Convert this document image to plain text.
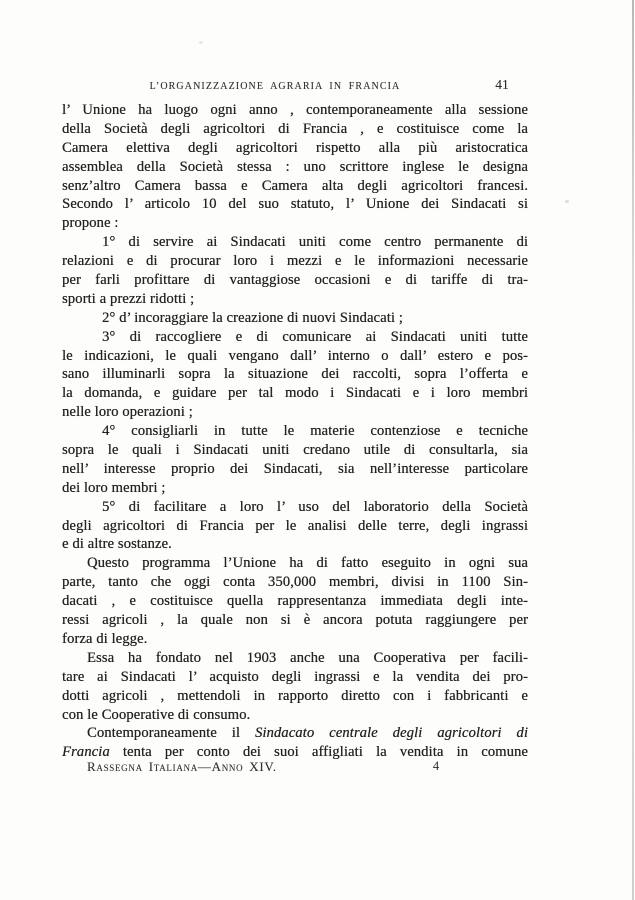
L’ORGANIZZAZIONE AGRARIA IN FRANCIA	41
l’ Unione ha luogo ogni anno , contemporaneamente alla sessione
della Società degli agricoltori di Francia , e costituisce come la
Camera elettiva degli agricoltori rispetto alla più aristocratica
assemblea della Società stessa : uno scrittore inglese le designa
senz’altro Camera bassa e Camera alta degli agricoltori francesi.
Secondo l’ articolo 10 del suo statuto, l’ Unione dei Sindacati si
propone :
1° di servire ai Sindacati uniti come centro permanente di
relazioni e di procurar loro i mezzi e le informazioni necessarie
per farli profittare di vantaggiose occasioni e di tariffe di tra-
sporti a prezzi ridotti ;
2° d’ incoraggiare la creazione di nuovi Sindacati ;
3° di raccogliere e di comunicare ai Sindacati uniti tutte
le indicazioni, le quali vengano dall’ interno o dall’ estero e pos-
sano illuminarli sopra la situazione dei raccolti, sopra l’offerta e
la domanda, e guidare per tal modo i Sindacati e i loro membri
nelle loro operazioni ;
4° consigliarli in tutte le materie contenziose e tecniche
sopra le quali i Sindacati uniti credano utile di consultarla, sia
nell’ interesse proprio dei Sindacati, sia nell’interesse particolare
dei loro membri ;
5° di facilitare a loro l’ uso del laboratorio della Società
degli agricoltori di Francia per le analisi delle terre, degli ingrassi
e di altre sostanze.
Questo programma l’Unione ha di fatto eseguito in ogni sua
parte, tanto che oggi conta 350,000 membri, divisi in 1100 Sin-
dacati , e costituisce quella rappresentanza immediata degli inte-
ressi agricoli , la quale non si è ancora potuta raggiungere per
forza di legge.
Essa ha fondato nel 1903 anche una Cooperativa per facili-
tare ai Sindacati l’ acquisto degli ingrassi e la vendita dei pro-
dotti agricoli , mettendoli in rapporto diretto con i fabbricanti e
con le Cooperative di consumo.
Contemporaneamente il Sindacato centrale degli agricoltori di
Francia tenta per conto dei suoi affigliati la vendita in comune
Rassegna Italiana—Anno XIV.	4
